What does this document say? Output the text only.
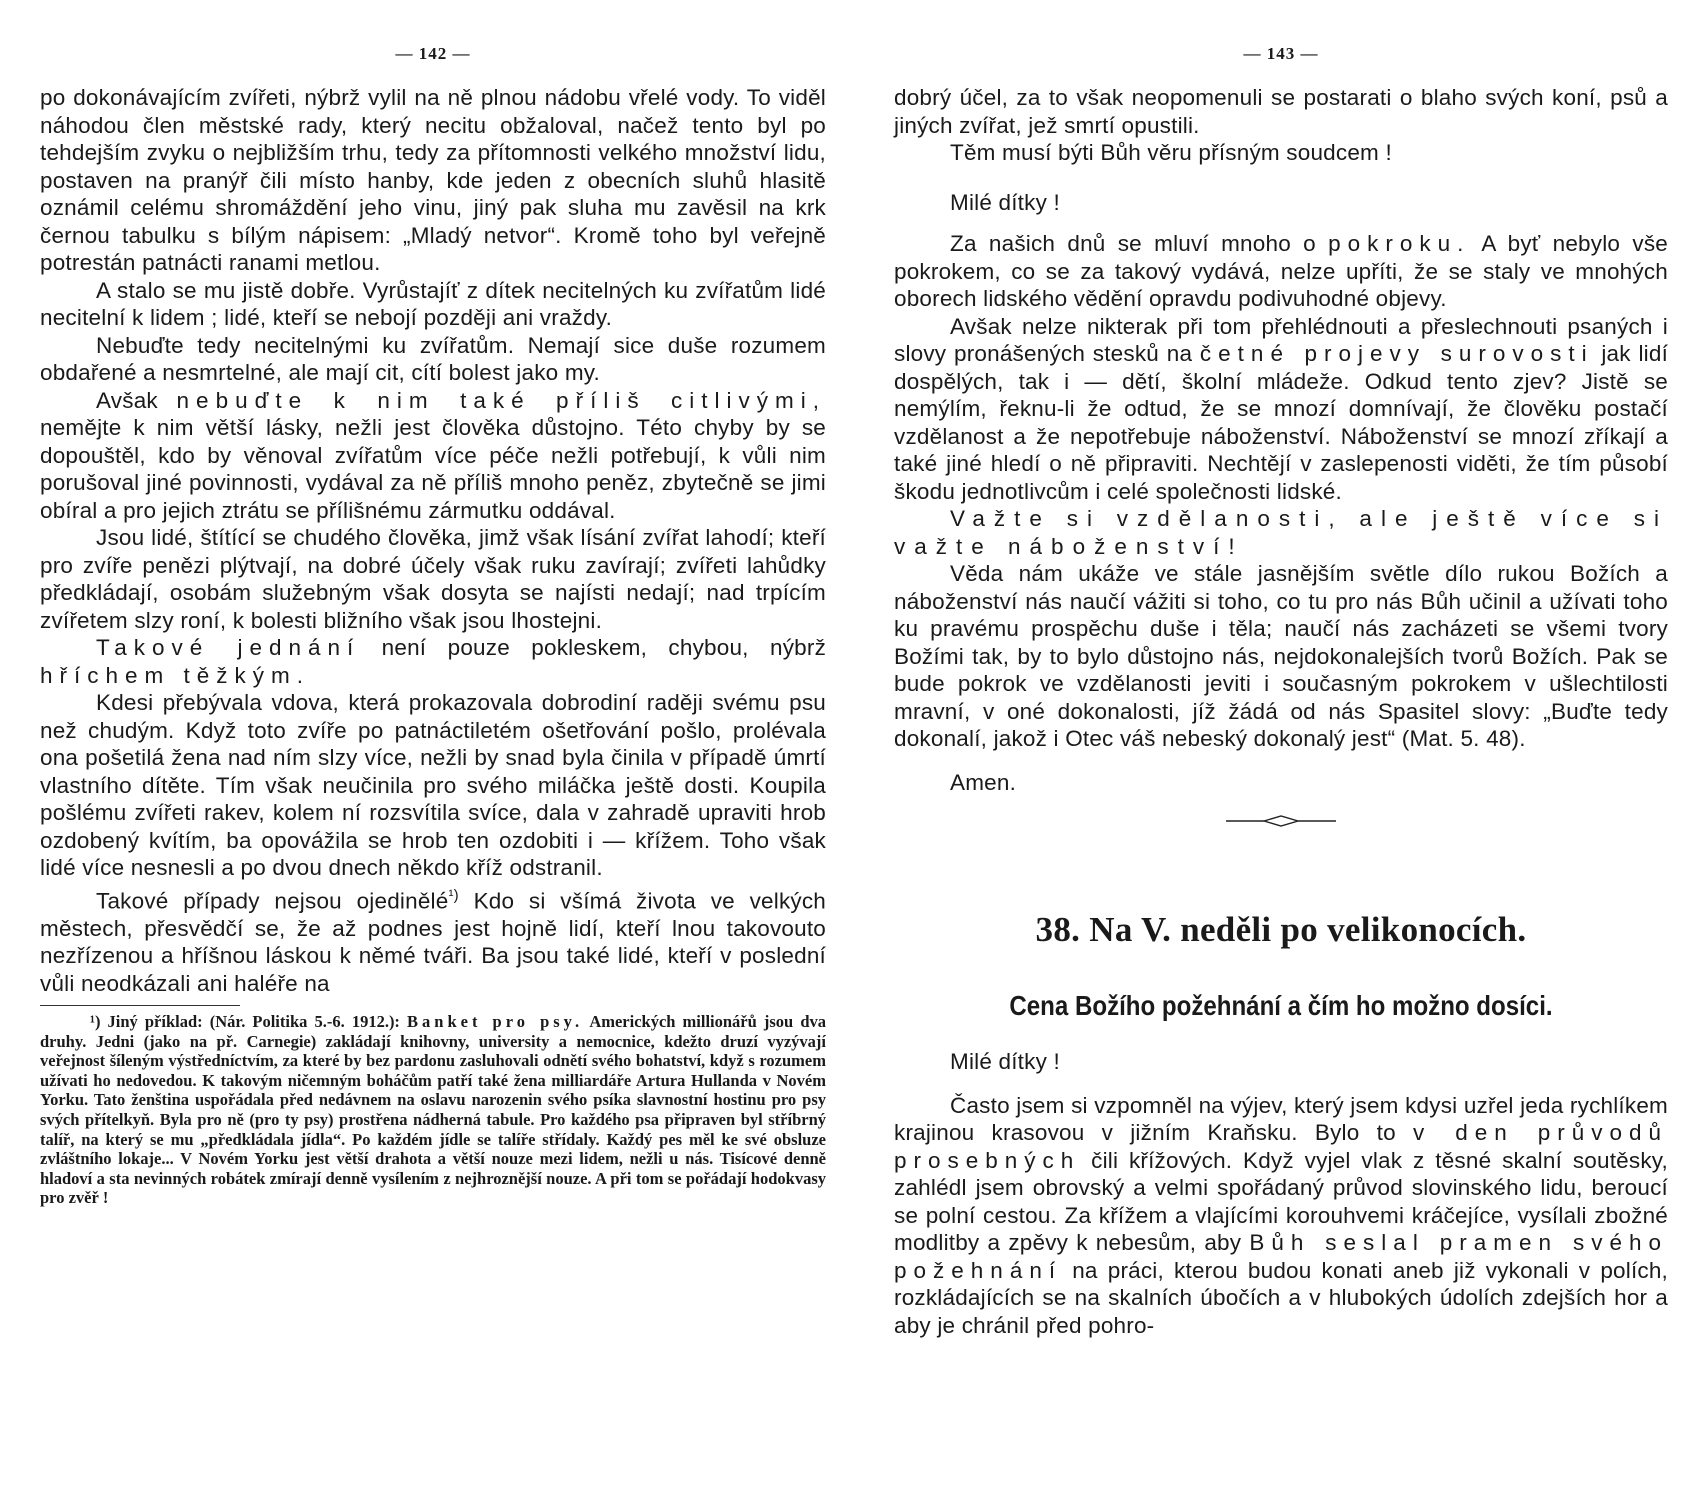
— 142 —

po dokonávajícím zvířeti, nýbrž vylil na ně plnou nádobu vřelé vody. To viděl náhodou člen městské rady, který necitu obžaloval, načež tento byl po tehdejším zvyku o nejbližším trhu, tedy za přítomnosti velkého množství lidu, postaven na pranýř čili místo hanby, kde jeden z obecních sluhů hlasitě oznámil celému shromáždění jeho vinu, jiný pak sluha mu zavěsil na krk černou tabulku s bílým nápisem: „Mladý netvor“. Kromě toho byl veřejně potrestán patnácti ranami metlou.

A stalo se mu jistě dobře. Vyrůstajíť z dítek necitelných ku zvířatům lidé necitelní k lidem ; lidé, kteří se nebojí později ani vraždy.

Nebuďte tedy necitelnými ku zvířatům. Nemají sice duše rozumem obdařené a nesmrtelné, ale mají cit, cítí bolest jako my.

Avšak nebuďte k nim také příliš citlivými, nemějte k nim větší lásky, nežli jest člověka důstojno. Této chyby by se dopouštěl, kdo by věnoval zvířatům více péče nežli potřebují, k vůli nim porušoval jiné povinnosti, vydával za ně příliš mnoho peněz, zbytečně se jimi obíral a pro jejich ztrátu se přílišnému zármutku oddával.

Jsou lidé, štítící se chudého člověka, jimž však lísání zvířat lahodí; kteří pro zvíře penězi plýtvají, na dobré účely však ruku zavírají; zvířeti lahůdky předkládají, osobám služebným však dosyta se najísti nedají; nad trpícím zvířetem slzy roní, k bolesti bližního však jsou lhostejni.

Takové jednání není pouze pokleskem, chybou, nýbrž hříchem těžkým.

Kdesi přebývala vdova, která prokazovala dobrodiní raději svému psu než chudým. Když toto zvíře po patnáctiletém ošetřování pošlo, prolévala ona pošetilá žena nad ním slzy více, nežli by snad byla činila v případě úmrtí vlastního dítěte. Tím však neučinila pro svého miláčka ještě dosti. Koupila pošlému zvířeti rakev, kolem ní rozsvítila svíce, dala v zahradě upraviti hrob ozdobený kvítím, ba opovážila se hrob ten ozdobiti i — křížem. Toho však lidé více nesnesli a po dvou dnech někdo kříž odstranil.

Takové případy nejsou ojedinělé$^{^1)}$ Kdo si všímá života ve velkých městech, přesvědčí se, že až podnes jest hojně lidí, kteří lnou takovouto nezřízenou a hříšnou láskou k němé tváři. Ba jsou také lidé, kteří v poslední vůli neodkázali ani haléře na

¹) Jiný příklad: (Nár. Politika 5.-6. 1912.): Banket pro psy. Amerických millionářů jsou dva druhy. Jedni (jako na př. Carnegie) zakládají knihovny, university a nemocnice, kdežto druzí vyzývají veřejnost šíleným výstředníctvím, za které by bez pardonu zasluhovali odnětí svého bohatství, když s rozumem užívati ho nedovedou. K takovým ničemným boháčům patří také žena milliardáře Artura Hullanda v Novém Yorku. Tato ženština uspořádala před nedávnem na oslavu narozenin svého psíka slavnostní hostinu pro psy svých přítelkyň. Byla pro ně (pro ty psy) prostřena nádherná tabule. Pro každého psa připraven byl stříbrný talíř, na který se mu „předkládala jídla“. Po každém jídle se talíře střídaly. Každý pes měl ke své obsluze zvláštního lokaje... V Novém Yorku jest větší drahota a větší nouze mezi lidem, nežli u nás. Tisícové denně hladoví a sta nevinných robátek zmírají denně vysílením z nejhroznější nouze. A při tom se pořádají hodokvasy pro zvěř !

— 143 —

dobrý účel, za to však neopomenuli se postarati o blaho svých koní, psů a jiných zvířat, jež smrtí opustili.

Těm musí býti Bůh věru přísným soudcem !

Milé dítky !

Za našich dnů se mluví mnoho o pokroku. A byť nebylo vše pokrokem, co se za takový vydává, nelze upříti, že se staly ve mnohých oborech lidského vědění opravdu podivuhodné objevy.

Avšak nelze nikterak při tom přehlédnouti a přeslechnouti psaných i slovy pronášených stesků na četné projevy surovosti jak lidí dospělých, tak i — dětí, školní mládeže. Odkud tento zjev? Jistě se nemýlím, řeknu-li že odtud, že se mnozí domnívají, že člověku postačí vzdělanost a že nepotřebuje náboženství. Náboženství se mnozí zříkají a také jiné hledí o ně připraviti. Nechtějí v zaslepenosti viděti, že tím působí škodu jednotlivcům i celé společnosti lidské.

Važte si vzdělanosti, ale ještě více si važte náboženství!

Věda nám ukáže ve stále jasnějším světle dílo rukou Božích a náboženství nás naučí vážiti si toho, co tu pro nás Bůh učinil a užívati toho ku pravému prospěchu duše i těla; naučí nás zacházeti se všemi tvory Božími tak, by to bylo důstojno nás, nejdokonalejších tvorů Božích. Pak se bude pokrok ve vzdělanosti jeviti i současným pokrokem v ušlechtilosti mravní, v oné dokonalosti, jíž žádá od nás Spasitel slovy: „Buďte tedy dokonalí, jakož i Otec váš nebeský dokonalý jest“ (Mat. 5. 48).

Amen.

38. Na V. neděli po velikonocích.
Cena Božího požehnání a čím ho možno dosíci.

Milé dítky !

Často jsem si vzpomněl na výjev, který jsem kdysi uzřel jeda rychlíkem krajinou krasovou v jižním Kraňsku. Bylo to v den průvodů prosebných čili křížových. Když vyjel vlak z těsné skalní soutěsky, zahlédl jsem obrovský a velmi spořádaný průvod slovinského lidu, beroucí se polní cestou. Za křížem a vlajícími korouhvemi kráčejíce, vysílali zbožné modlitby a zpěvy k nebesům, aby Bůh seslal pramen svého požehnání na práci, kterou budou konati aneb již vykonali v polích, rozkládajících se na skalních úbočích a v hlubokých údolích zdejších hor a aby je chránil před pohro-
